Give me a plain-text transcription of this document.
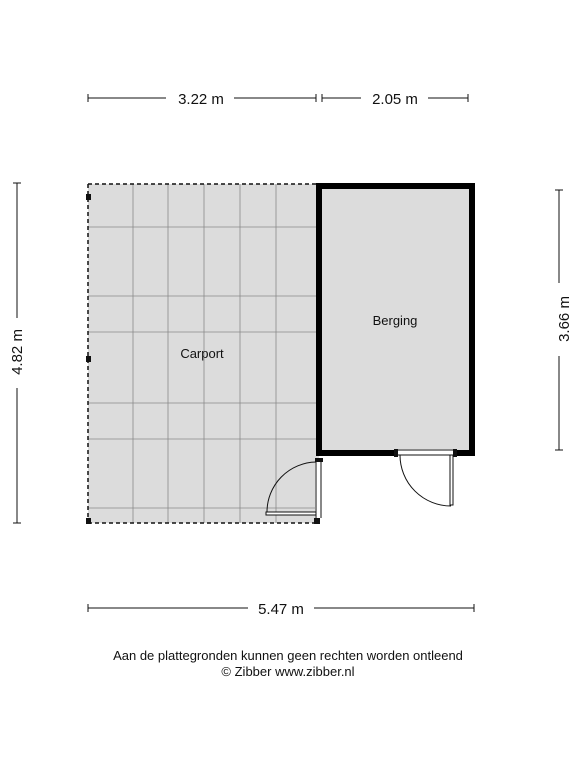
3.22 m	2.05 m
4.82 m
3.66 m
5.47 m
Carport
Berging
Aan de plattegronden kunnen geen rechten worden ontleend
© Zibber www.zibber.nl
